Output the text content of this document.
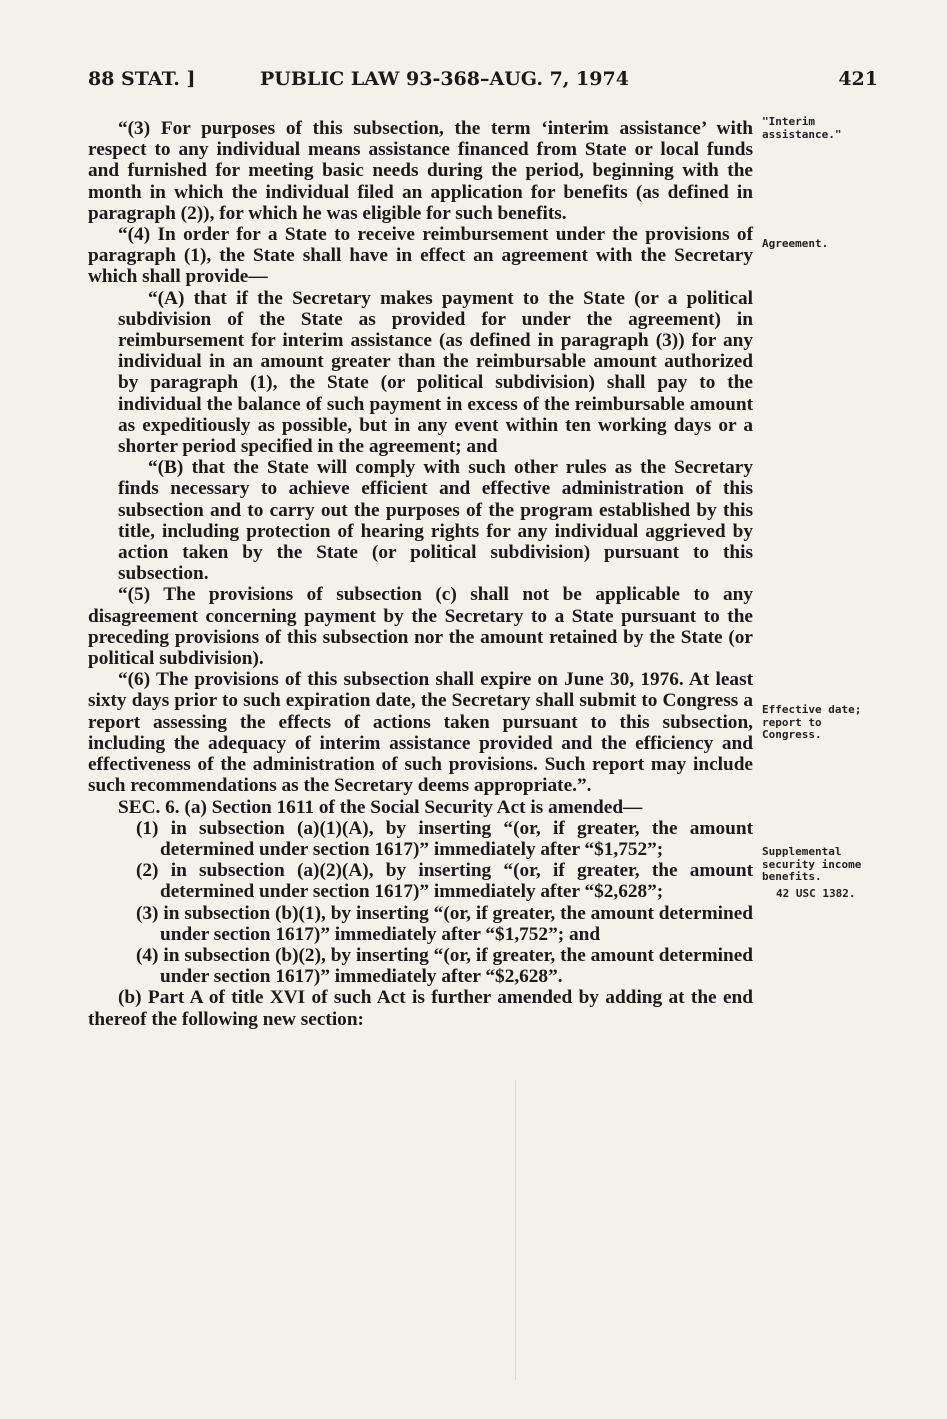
88 STAT. ]	PUBLIC LAW 93-368–AUG. 7, 1974	421
"Interim assistance."
Agreement.
Effective date; report to Congress.
Supplemental security income benefits.
42 USC 1382.

“(3) For purposes of this subsection, the term ‘interim assistance’ with respect to any individual means assistance financed from State or local funds and furnished for meeting basic needs during the period, beginning with the month in which the individual filed an application for benefits (as defined in paragraph (2)), for which he was eligible for such benefits.

“(4) In order for a State to receive reimbursement under the provisions of paragraph (1), the State shall have in effect an agreement with the Secretary which shall provide—

“(A) that if the Secretary makes payment to the State (or a political subdivision of the State as provided for under the agreement) in reimbursement for interim assistance (as defined in paragraph (3)) for any individual in an amount greater than the reimbursable amount authorized by paragraph (1), the State (or political subdivision) shall pay to the individual the balance of such payment in excess of the reimbursable amount as expeditiously as possible, but in any event within ten working days or a shorter period specified in the agreement; and

“(B) that the State will comply with such other rules as the Secretary finds necessary to achieve efficient and effective administration of this subsection and to carry out the purposes of the program established by this title, including protection of hearing rights for any individual aggrieved by action taken by the State (or political subdivision) pursuant to this subsection.

“(5) The provisions of subsection (c) shall not be applicable to any disagreement concerning payment by the Secretary to a State pursuant to the preceding provisions of this subsection nor the amount retained by the State (or political subdivision).

“(6) The provisions of this subsection shall expire on June 30, 1976. At least sixty days prior to such expiration date, the Secretary shall submit to Congress a report assessing the effects of actions taken pursuant to this subsection, including the adequacy of interim assistance provided and the efficiency and effectiveness of the administration of such provisions. Such report may include such recommendations as the Secretary deems appropriate.”.

SEC. 6. (a) Section 1611 of the Social Security Act is amended—

(1) in subsection (a)(1)(A), by inserting “(or, if greater, the amount determined under section 1617)” immediately after “$1,752”;

(2) in subsection (a)(2)(A), by inserting “(or, if greater, the amount determined under section 1617)” immediately after “$2,628”;

(3) in subsection (b)(1), by inserting “(or, if greater, the amount determined under section 1617)” immediately after “$1,752”; and

(4) in subsection (b)(2), by inserting “(or, if greater, the amount determined under section 1617)” immediately after “$2,628”.

(b) Part A of title XVI of such Act is further amended by adding at the end thereof the following new section:
